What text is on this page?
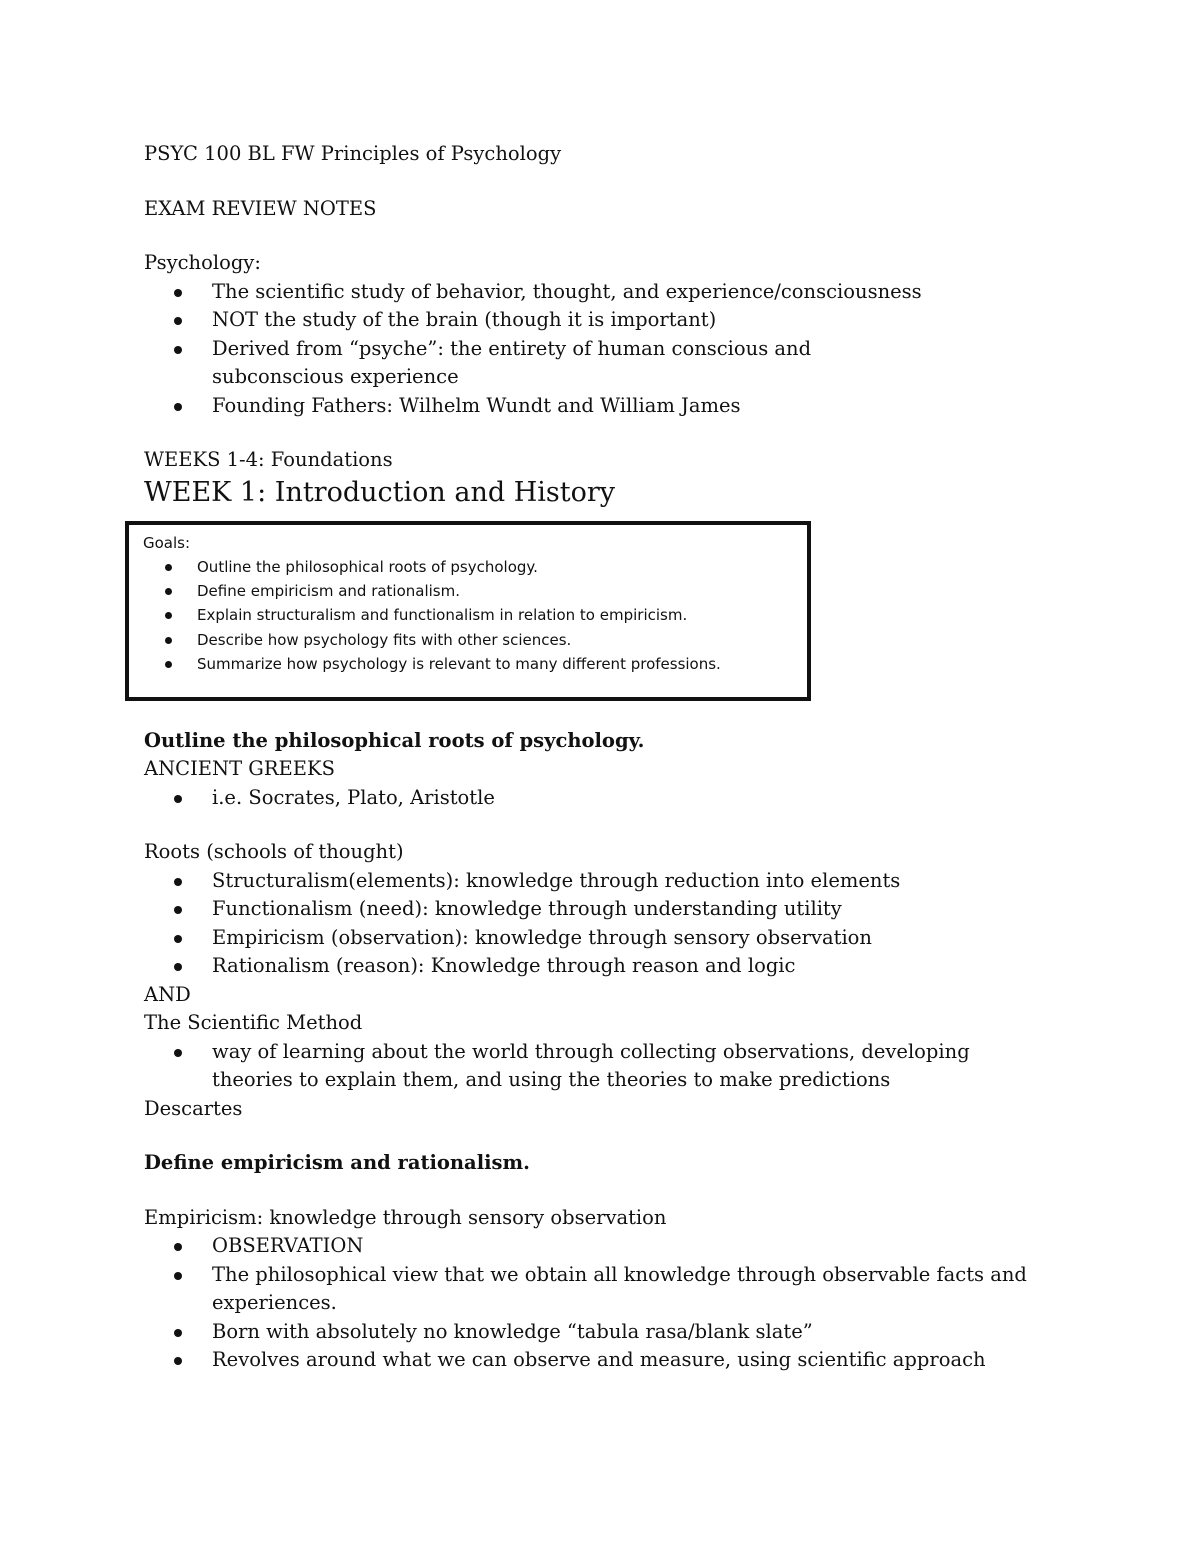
PSYC 100 BL FW Principles of Psychology

EXAM REVIEW NOTES

Psychology:

The scientific study of behavior, thought, and experience/consciousness
NOT the study of the brain (though it is important)
Derived from “psyche”: the entirety of human conscious and subconscious experience
Founding Fathers: Wilhelm Wundt and William James

WEEKS 1-4: Foundations

WEEK 1: Introduction and History

Goals:

Outline the philosophical roots of psychology.
Define empiricism and rationalism.
Explain structuralism and functionalism in relation to empiricism.
Describe how psychology fits with other sciences.
Summarize how psychology is relevant to many different professions.

Outline the philosophical roots of psychology.

ANCIENT GREEKS

i.e. Socrates, Plato, Aristotle

Roots (schools of thought)

Structuralism(elements): knowledge through reduction into elements
Functionalism (need): knowledge through understanding utility
Empiricism (observation): knowledge through sensory observation
Rationalism (reason): Knowledge through reason and logic

AND

The Scientific Method

way of learning about the world through collecting observations, developing theories to explain them, and using the theories to make predictions

Descartes

Define empiricism and rationalism.

Empiricism: knowledge through sensory observation

OBSERVATION
The philosophical view that we obtain all knowledge through observable facts and experiences.
Born with absolutely no knowledge “tabula rasa/blank slate”
Revolves around what we can observe and measure, using scientific approach
